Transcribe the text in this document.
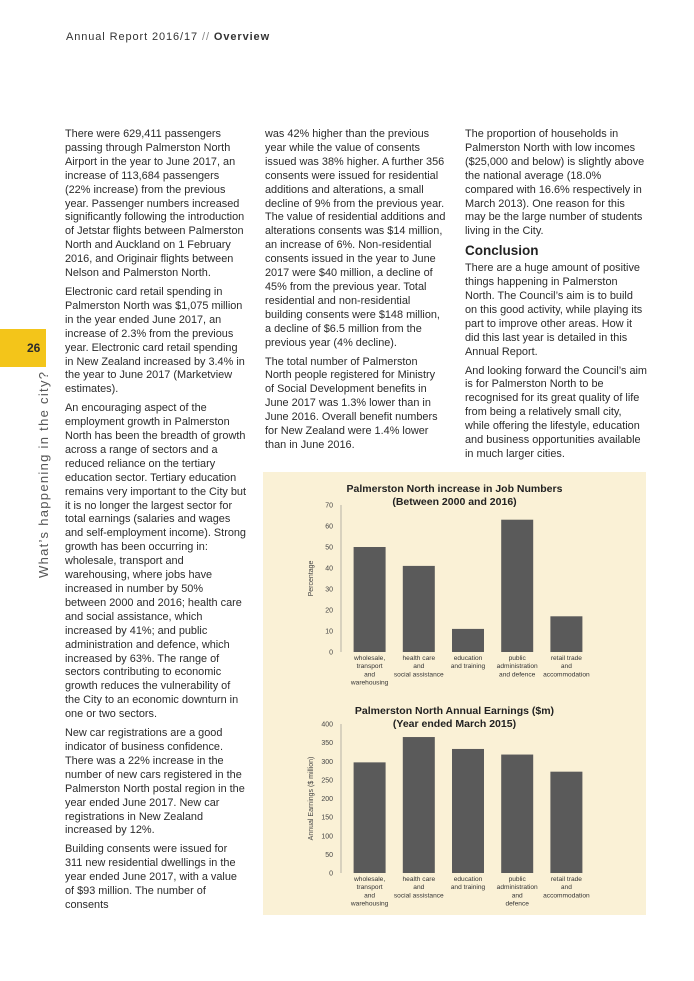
Annual Report 2016/17 // Overview
26
What’s happening in the city?

There were 629,411 passengers passing through Palmerston North Airport in the year to June 2017, an increase of 113,684 passengers (22% increase) from the previous year. Passenger numbers increased significantly following the introduction of Jetstar flights between Palmerston North and Auckland on 1 February 2016, and Originair flights between Nelson and Palmerston North.

Electronic card retail spending in Palmerston North was $1,075 million in the year ended June 2017, an increase of 2.3% from the previous year. Electronic card retail spending in New Zealand increased by 3.4% in the year to June 2017 (Marketview estimates).

An encouraging aspect of the employment growth in Palmerston North has been the breadth of growth across a range of sectors and a reduced reliance on the tertiary education sector. Tertiary education remains very important to the City but it is no longer the largest sector for total earnings (salaries and wages and self-employment income). Strong growth has been occurring in: wholesale, transport and warehousing, where jobs have increased in number by 50% between 2000 and 2016; health care and social assistance, which increased by 41%; and public administration and defence, which increased by 63%. The range of sectors contributing to economic growth reduces the vulnerability of the City to an economic downturn in one or two sectors.

New car registrations are a good indicator of business confidence. There was a 22% increase in the number of new cars registered in the Palmerston North postal region in the year ended June 2017. New car registrations in New Zealand increased by 12%.

Building consents were issued for 311 new residential dwellings in the year ended June 2017, with a value of $93 million. The number of consents

was 42% higher than the previous year while the value of consents issued was 38% higher. A further 356 consents were issued for residential additions and alterations, a small decline of 9% from the previous year. The value of residential additions and alterations consents was $14 million, an increase of 6%. Non-residential consents issued in the year to June 2017 were $40 million, a decline of 45% from the previous year. Total residential and non-residential building consents were $148 million, a decline of $6.5 million from the previous year (4% decline).

The total number of Palmerston North people registered for Ministry of Social Development benefits in June 2017 was 1.3% lower than in June 2016. Overall benefit numbers for New Zealand were 1.4% lower than in June 2016.

The proportion of households in Palmerston North with low incomes ($25,000 and below) is slightly above the national average (18.0% compared with 16.6% respectively in March 2013). One reason for this may be the large number of students living in the City.

Conclusion

There are a huge amount of positive things happening in Palmerston North. The Council’s aim is to build on this good activity, while playing its part to improve other areas. How it did this last year is detailed in this Annual Report.

And looking forward the Council’s aim is for Palmerston North to be recognised for its great quality of life from being a relatively small city, while offering the lifestyle, education and business opportunities available in much larger cities.

Palmerston North increase in Job Numbers
(Between 2000 and 2016)
0
10
20
30
40
50
60
70
Percentage
wholesale, transport and warehousing
health care and social assistance
education and training
public administration and defence
retail trade and accommodation
Palmerston North Annual Earnings ($m)
(Year ended March 2015)
0
50
100
150
200
250
300
350
400
Annual Earnings ($ million)
wholesale, transport and warehousing
health care and social assistance
education and training
public administration and defence
retail trade and accommodation
